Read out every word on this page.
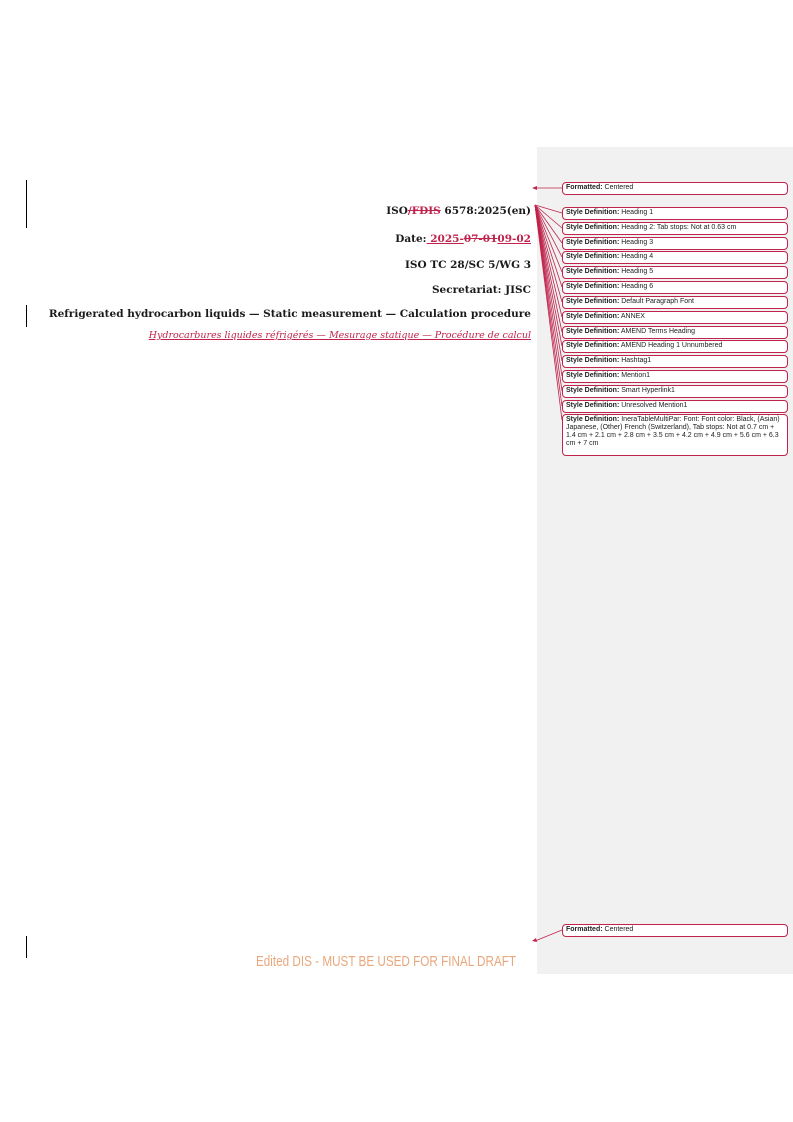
ISO/FDIS 6578:2025(en)
Date: 2025-07-0109-02
ISO TC 28/SC 5/WG 3
Secretariat: JISC
Refrigerated hydrocarbon liquids — Static measurement — Calculation procedure
Hydrocarbures liquides réfrigérés — Mesurage statique — Procédure de calcul
Formatted: Centered
Style Definition: Heading 1
Style Definition: Heading 2: Tab stops: Not at 0.63 cm
Style Definition: Heading 3
Style Definition: Heading 4
Style Definition: Heading 5
Style Definition: Heading 6
Style Definition: Default Paragraph Font
Style Definition: ANNEX
Style Definition: AMEND Terms Heading
Style Definition: AMEND Heading 1 Unnumbered
Style Definition: Hashtag1
Style Definition: Mention1
Style Definition: Smart Hyperlink1
Style Definition: Unresolved Mention1
Style Definition: IneraTableMultiPar: Font: Font color: Black, (Asian) Japanese, (Other) French (Switzerland), Tab stops: Not at 0.7 cm + 1.4 cm + 2.1 cm + 2.8 cm + 3.5 cm + 4.2 cm + 4.9 cm + 5.6 cm + 6.3 cm + 7 cm
Formatted: Centered
Edited DIS - MUST BE USED FOR FINAL DRAFT
